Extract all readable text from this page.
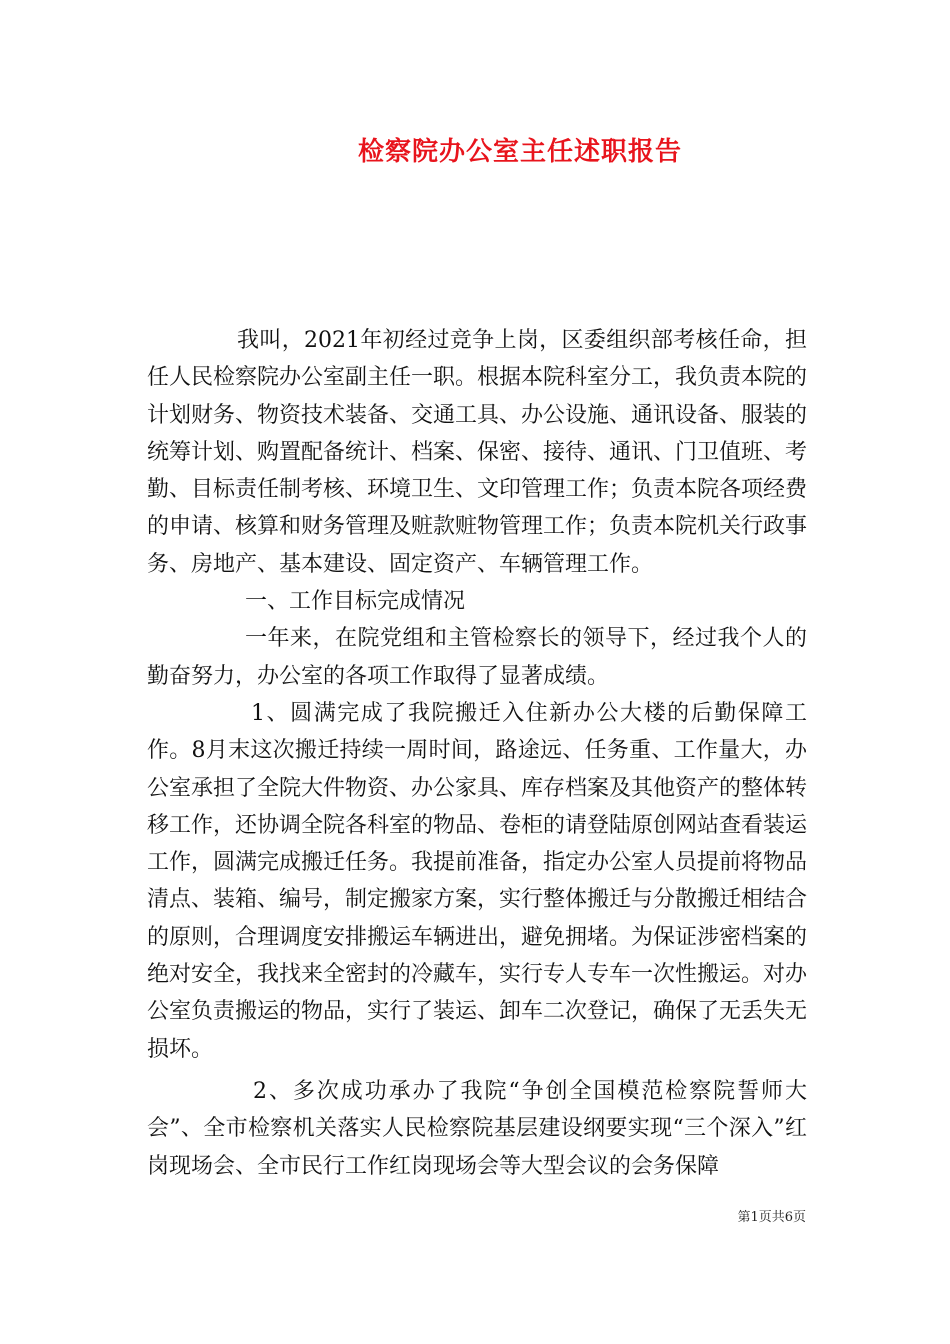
检察院办公室主任述职报告

我叫，2021年初经过竞争上岗，区委组织部考核任命，担任人民检察院办公室副主任一职。根据本院科室分工，我负责本院的计划财务、物资技术装备、交通工具、办公设施、通讯设备、服装的统筹计划、购置配备统计、档案、保密、接待、通讯、门卫值班、考勤、目标责任制考核、环境卫生、文印管理工作；负责本院各项经费的申请、核算和财务管理及赃款赃物管理工作；负责本院机关行政事务、房地产、基本建设、固定资产、车辆管理工作。

一、工作目标完成情况

一年来，在院党组和主管检察长的领导下，经过我个人的勤奋努力，办公室的各项工作取得了显著成绩。

1、圆满完成了我院搬迁入住新办公大楼的后勤保障工作。8月末这次搬迁持续一周时间，路途远、任务重、工作量大，办公室承担了全院大件物资、办公家具、库存档案及其他资产的整体转移工作，还协调全院各科室的物品、卷柜的请登陆原创网站查看装运工作，圆满完成搬迁任务。我提前准备，指定办公室人员提前将物品清点、装箱、编号，制定搬家方案，实行整体搬迁与分散搬迁相结合的原则，合理调度安排搬运车辆进出，避免拥堵。为保证涉密档案的绝对安全，我找来全密封的冷藏车，实行专人专车一次性搬运。对办公室负责搬运的物品，实行了装运、卸车二次登记，确保了无丢失无损坏。

2、多次成功承办了我院“争创全国模范检察院誓师大会”、全市检察机关落实人民检察院基层建设纲要实现“三个深入”红岗现场会、全市民行工作红岗现场会等大型会议的会务保障

第1页共6页
